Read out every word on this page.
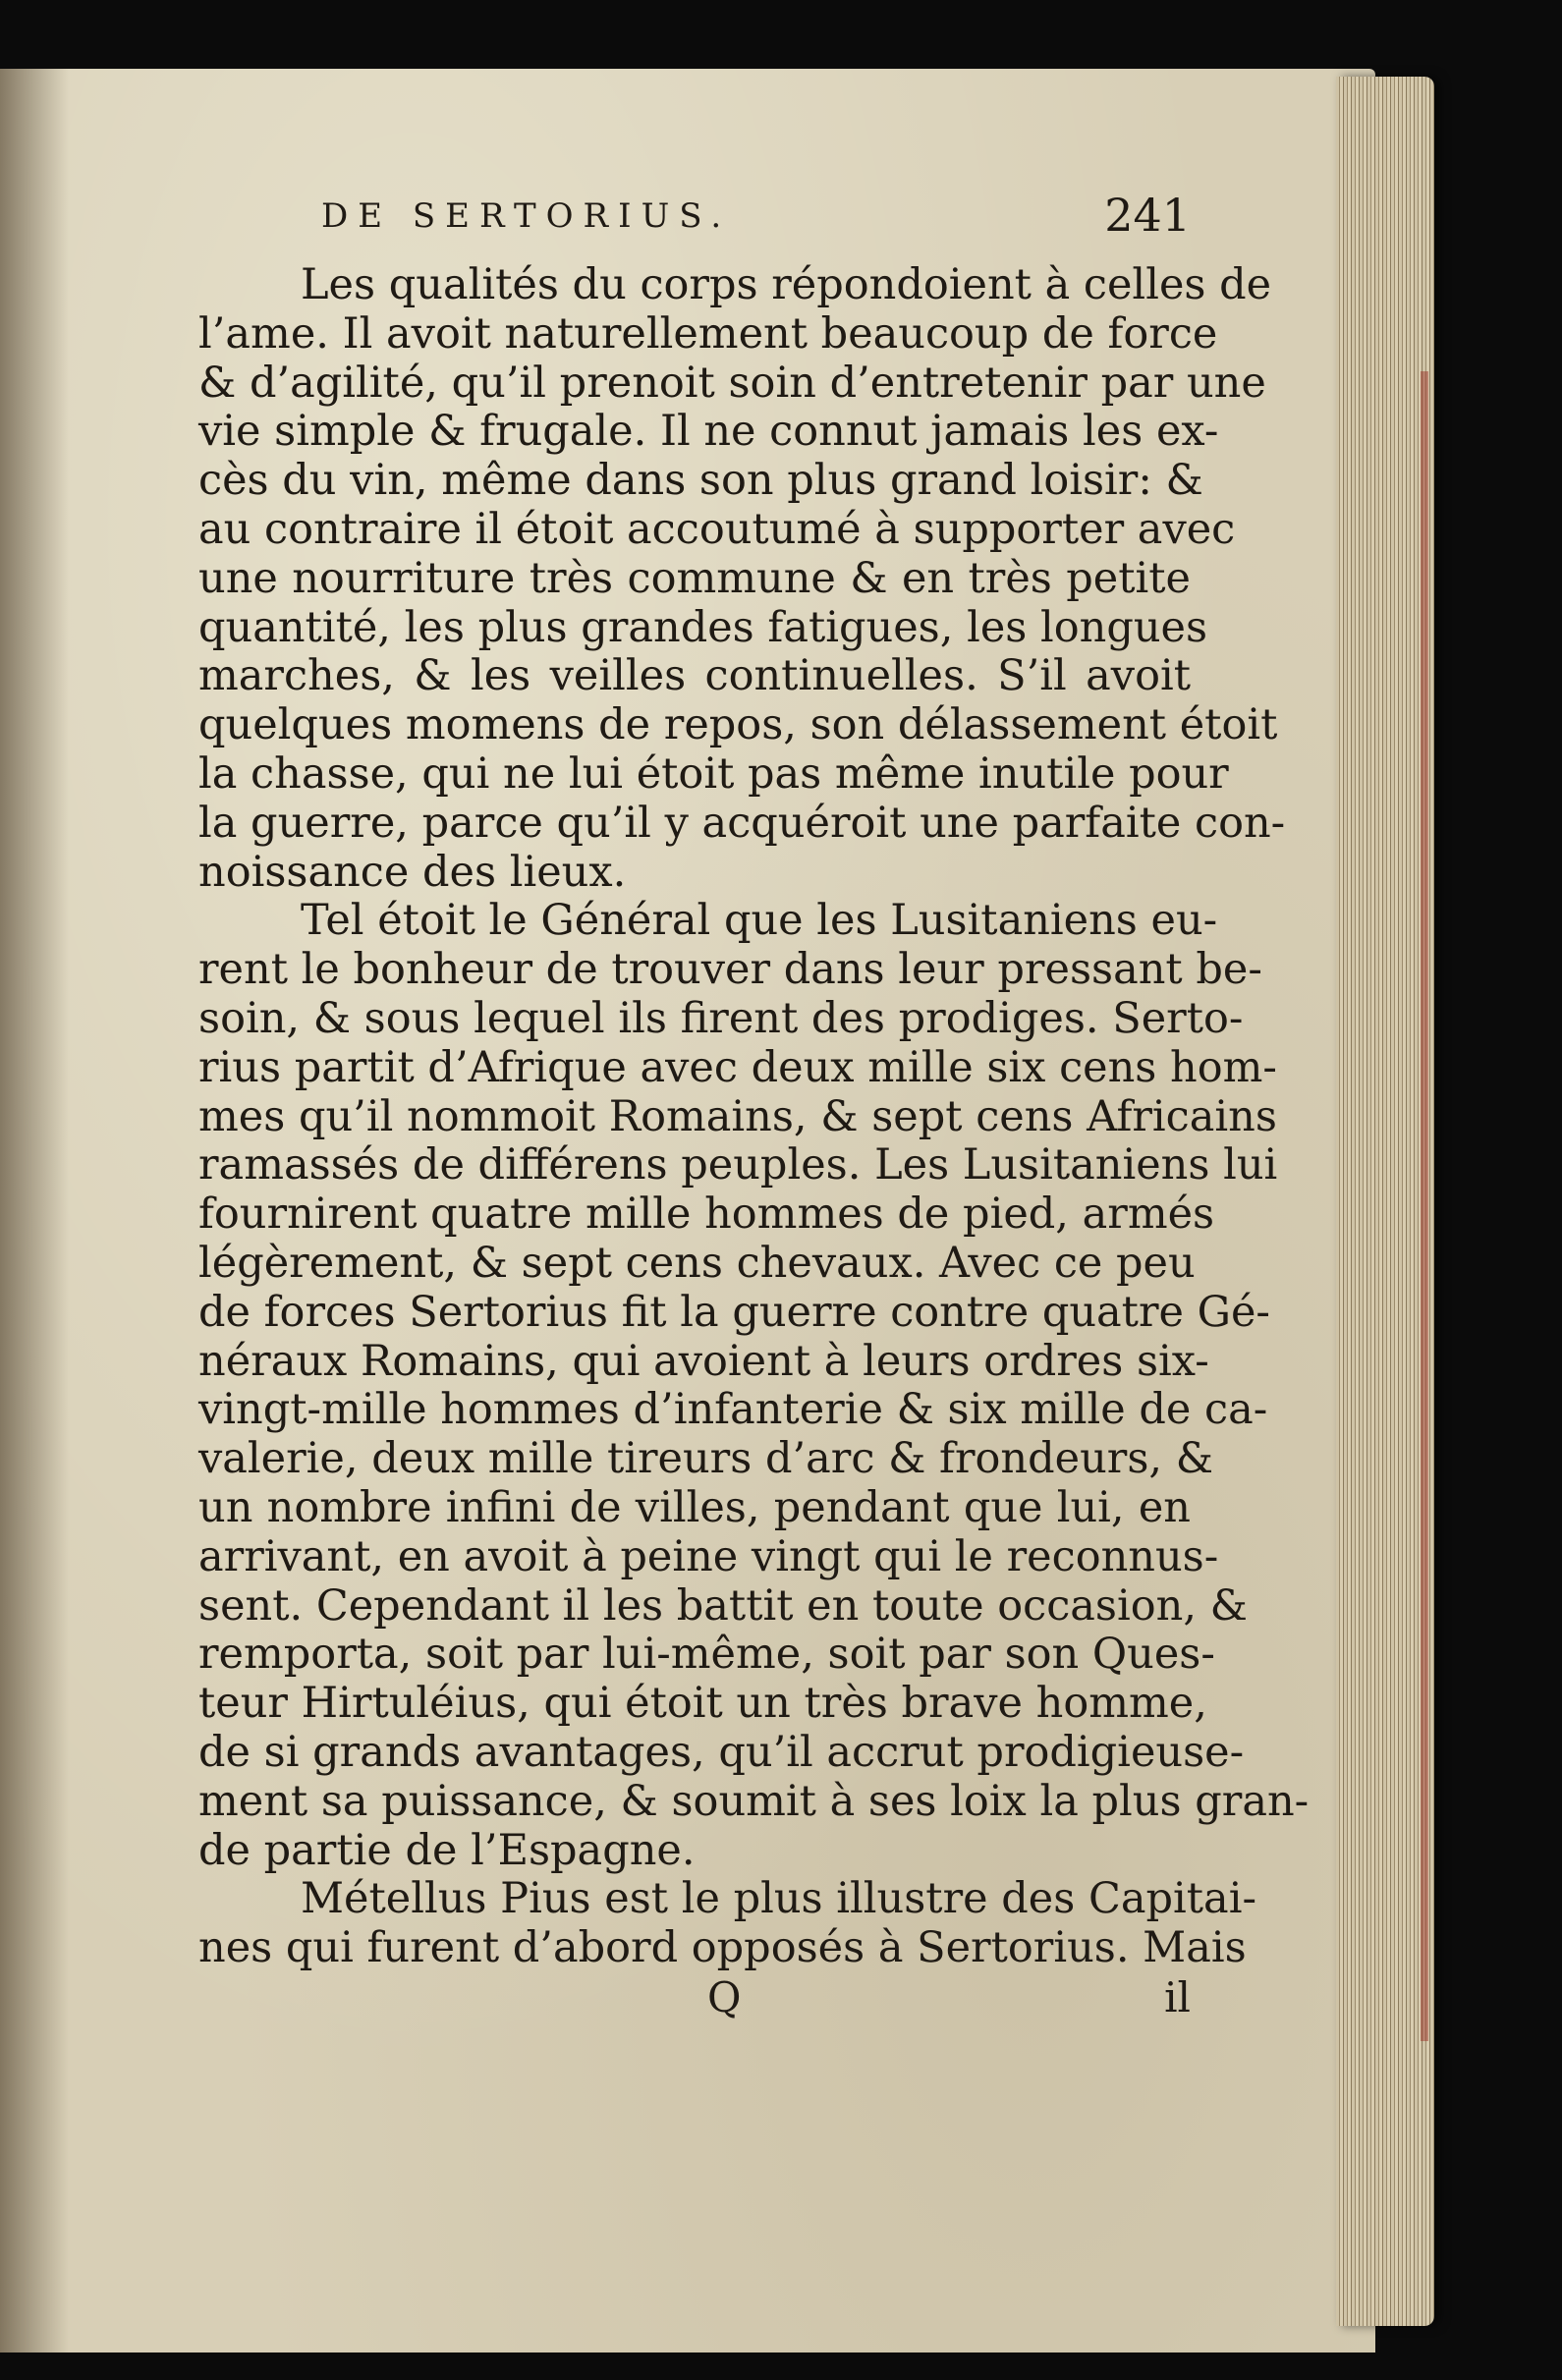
DE SERTORIUS.	241
Les qualités du corps répondoient à celles de
l’ame. Il avoit naturellement beaucoup de force
& d’agilité, qu’il prenoit soin d’entretenir par une
vie simple & frugale. Il ne connut jamais les ex-
cès du vin, même dans son plus grand loisir: &
au contraire il étoit accoutumé à supporter avec
une nourriture très commune & en très petite
quantité, les plus grandes fatigues, les longues
marches, & les veilles continuelles. S’il avoit
quelques momens de repos, son délassement étoit
la chasse, qui ne lui étoit pas même inutile pour
la guerre, parce qu’il y acquéroit une parfaite con-
noissance des lieux.
Tel étoit le Général que les Lusitaniens eu-
rent le bonheur de trouver dans leur pressant be-
soin, & sous lequel ils firent des prodiges. Serto-
rius partit d’Afrique avec deux mille six cens hom-
mes qu’il nommoit Romains, & sept cens Africains
ramassés de différens peuples. Les Lusitaniens lui
fournirent quatre mille hommes de pied, armés
légèrement, & sept cens chevaux. Avec ce peu
de forces Sertorius fit la guerre contre quatre Gé-
néraux Romains, qui avoient à leurs ordres six-
vingt-mille hommes d’infanterie & six mille de ca-
valerie, deux mille tireurs d’arc & frondeurs, &
un nombre infini de villes, pendant que lui, en
arrivant, en avoit à peine vingt qui le reconnus-
sent. Cependant il les battit en toute occasion, &
remporta, soit par lui-même, soit par son Ques-
teur Hirtuléius, qui étoit un très brave homme,
de si grands avantages, qu’il accrut prodigieuse-
ment sa puissance, & soumit à ses loix la plus gran-
de partie de l’Espagne.
Métellus Pius est le plus illustre des Capitai-
nes qui furent d’abord opposés à Sertorius. Mais
Q	il
